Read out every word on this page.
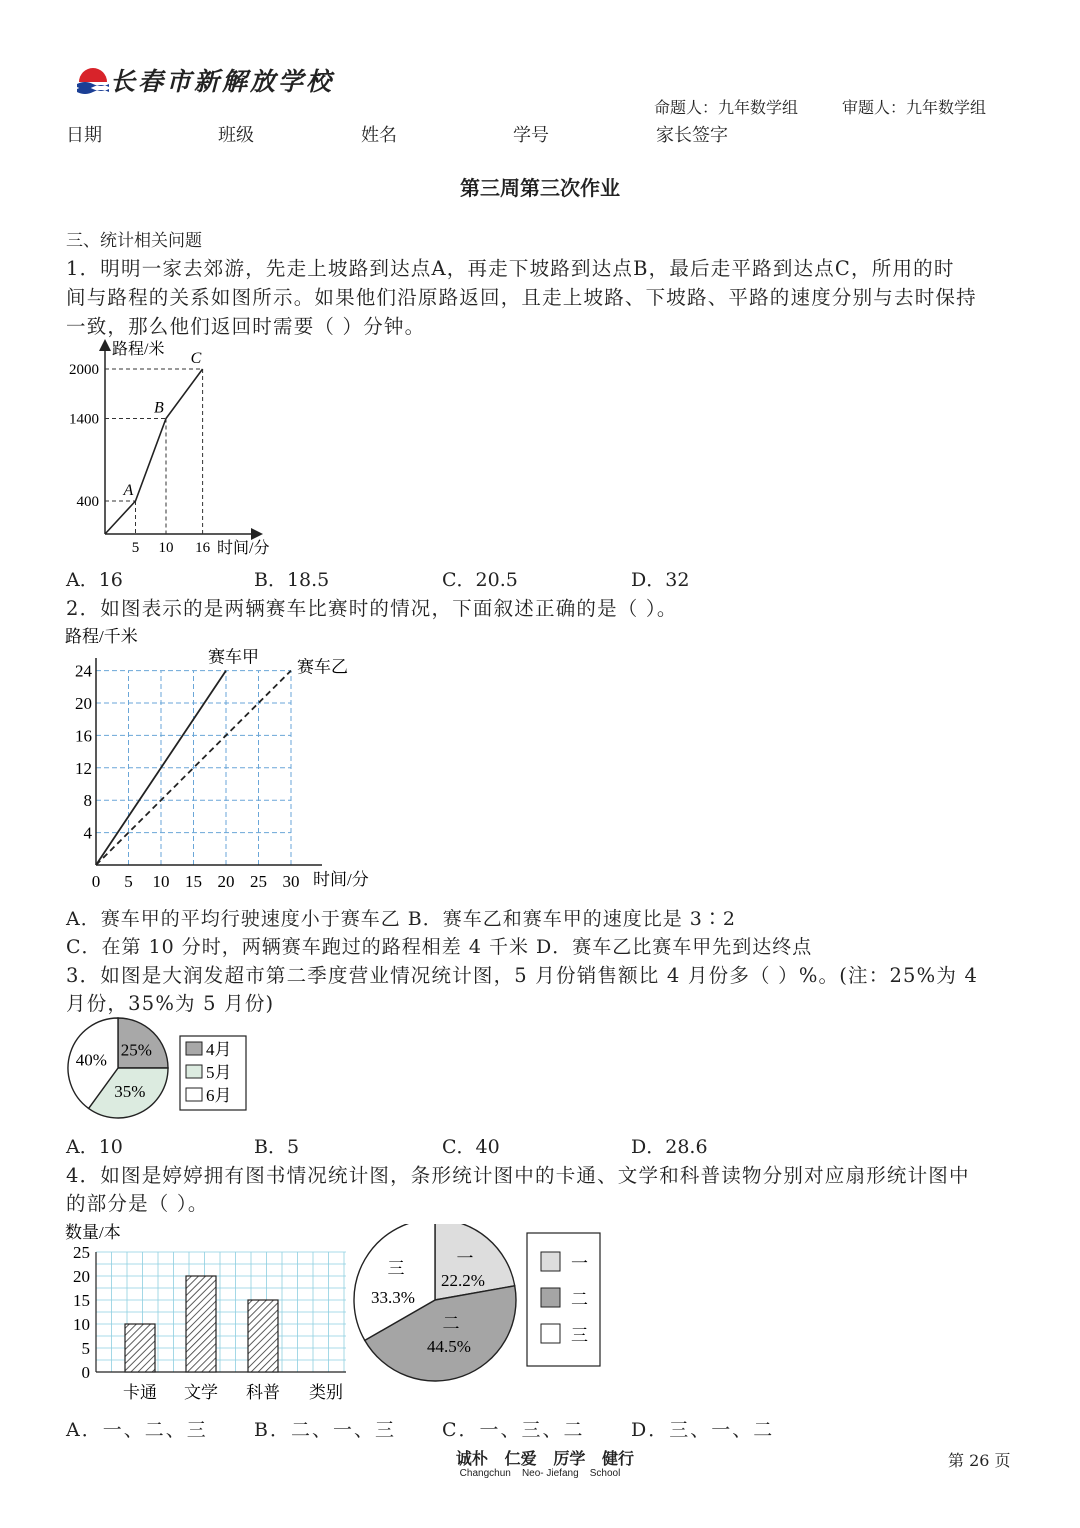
长春市新解放学校
命题人：九年数学组	审题人：九年数学组
日期	班级	姓名	学号	家长签字
第三周第三次作业
三、统计相关问题
1．明明一家去郊游，先走上坡路到达点A，再走下坡路到达点B，最后走平路到达点C，所用的时
间与路程的关系如图所示。如果他们沿原路返回，且走上坡路、下坡路、平路的速度分别与去时保持
一致，那么他们返回时需要（ ）分钟。
路程/米
时间/分
400
1400
2000
5 10 16
A
B
C
A．16	B．18.5	C．20.5	D．32
2．如图表示的是两辆赛车比赛时的情况，下面叙述正确的是（ ）。
路程/千米
时间/分
4
8
12
16
20
24
0 5 10 15 20 25 30
赛车甲
赛车乙
A．赛车甲的平均行驶速度小于赛车乙 B．赛车乙和赛车甲的速度比是 3∶2
C．在第 10 分时，两辆赛车跑过的路程相差 4 千米 D．赛车乙比赛车甲先到达终点
3．如图是大润发超市第二季度营业情况统计图，5 月份销售额比 4 月份多（ ）%。(注：25%为 4
月份，35%为 5 月份)
25%
35%
40%
4月
5月
6月
A．10	B．5	C．40	D．28.6
4．如图是婷婷拥有图书情况统计图，条形统计图中的卡通、文学和科普读物分别对应扇形统计图中
的部分是（ ）。
数量/本
类别
0
5
10
15
20
25
卡通 文学 科普
一
22.2%
二
44.5%
三
33.3%
一
二
三
A．一、二、三 B．二、一、三 C．一、三、二 D．三、一、二
诚朴   仁爱   厉学   健行
Changchun    Neo- Jiefang    School
第 26 页
